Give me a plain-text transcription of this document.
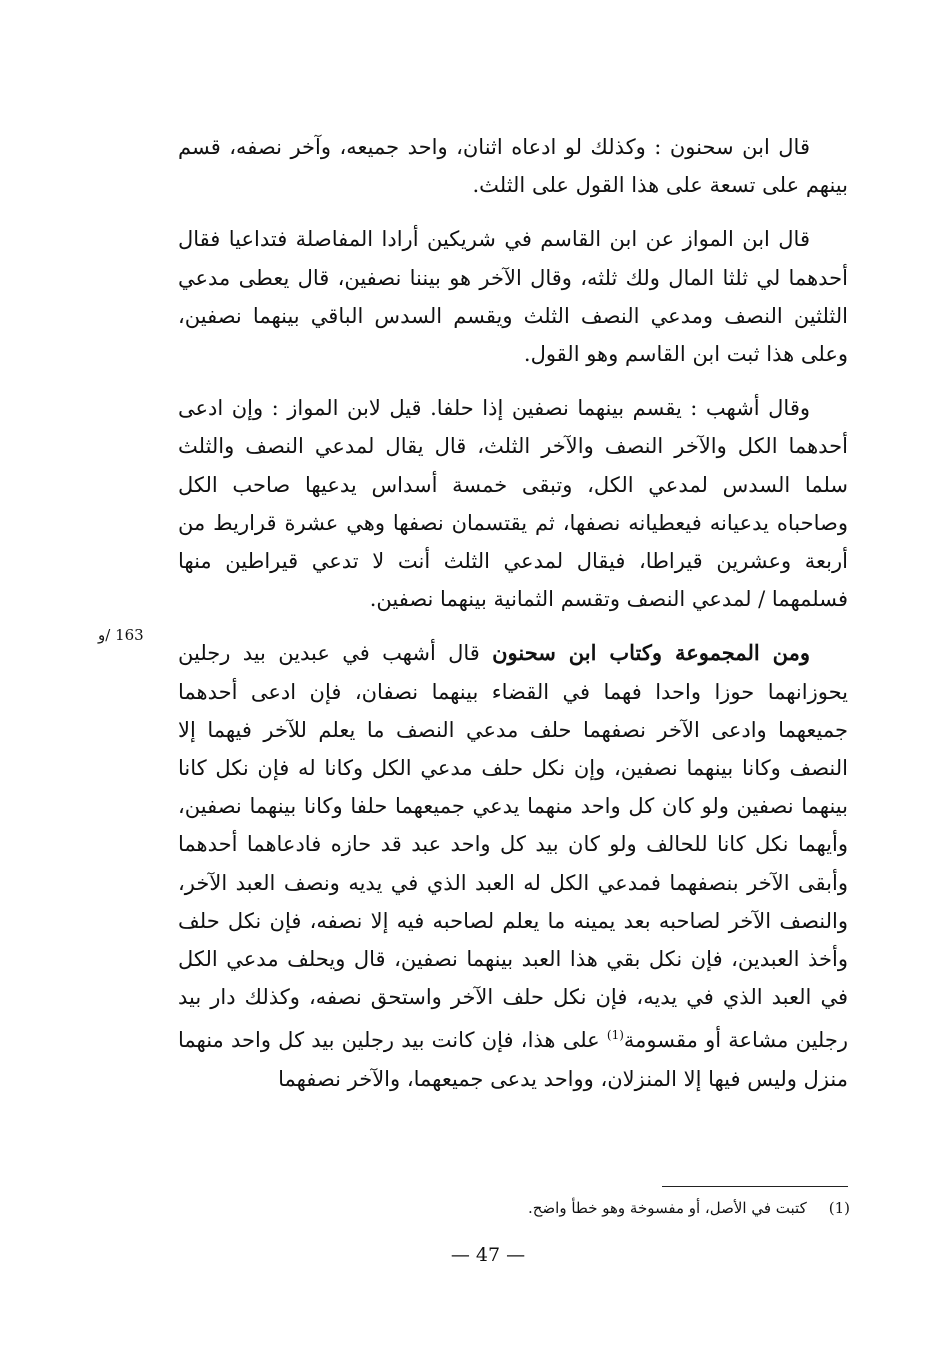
قال ابن سحنون : وكذلك لو ادعاه اثنان، واحد جميعه، وآخر نصفه، قسم بينهم على تسعة على هذا القول على الثلث.

قال ابن المواز عن ابن القاسم في شريكين أرادا المفاصلة فتداعيا فقال أحدهما لي ثلثا المال ولك ثلثه، وقال الآخر هو بيننا نصفين، قال يعطى مدعي الثلثين النصف ومدعي النصف الثلث ويقسم السدس الباقي بينهما نصفين، وعلى هذا ثبت ابن القاسم وهو القول.

وقال أشهب : يقسم بينهما نصفين إذا حلفا. قيل لابن المواز : وإن ادعى أحدهما الكل والآخر النصف والآخر الثلث، قال يقال لمدعي النصف والثلث سلما السدس لمدعي الكل، وتبقى خمسة أسداس يدعيها صاحب الكل وصاحباه يدعيانه فيعطيانه نصفها، ثم يقتسمان نصفها وهي عشرة قراريط من أربعة وعشرين قيراطا، فيقال لمدعي الثلث أنت لا تدعي قيراطين منها فسلمهما / لمدعي النصف وتقسم الثمانية بينهما نصفين.

ومن المجموعة وكتاب ابن سحنون قال أشهب في عبدين بيد رجلين يحوزانهما حوزا واحدا فهما في القضاء بينهما نصفان، فإن ادعى أحدهما جميعهما وادعى الآخر نصفهما حلف مدعي النصف ما يعلم للآخر فيهما إلا النصف وكانا بينهما نصفين، وإن نكل حلف مدعي الكل وكانا له فإن نكل كانا بينهما نصفين ولو كان كل واحد منهما يدعي جميعهما حلفا وكانا بينهما نصفين، وأيهما نكل كانا للحالف ولو كان بيد كل واحد عبد قد حازه فادعاهما أحدهما وأبقى الآخر بنصفهما فمدعي الكل له العبد الذي في يديه ونصف العبد الآخر، والنصف الآخر لصاحبه بعد يمينه ما يعلم لصاحبه فيه إلا نصفه، فإن نكل حلف وأخذ العبدين، فإن نكل بقي هذا العبد بينهما نصفين، قال ويحلف مدعي الكل في العبد الذي في يديه، فإن نكل حلف الآخر واستحق نصفه، وكذلك دار بيد رجلين مشاعة أو مقسومة$^{(1)}$ على هذا، فإن كانت بيد رجلين بيد كل واحد منهما منزل وليس فيها إلا المنزلان، وواحد يدعى جميعهما، والآخر نصفهما

163 /و
(1)كتبت في الأصل، أو مفسوخة وهو خطأ واضح.
— 47 —
